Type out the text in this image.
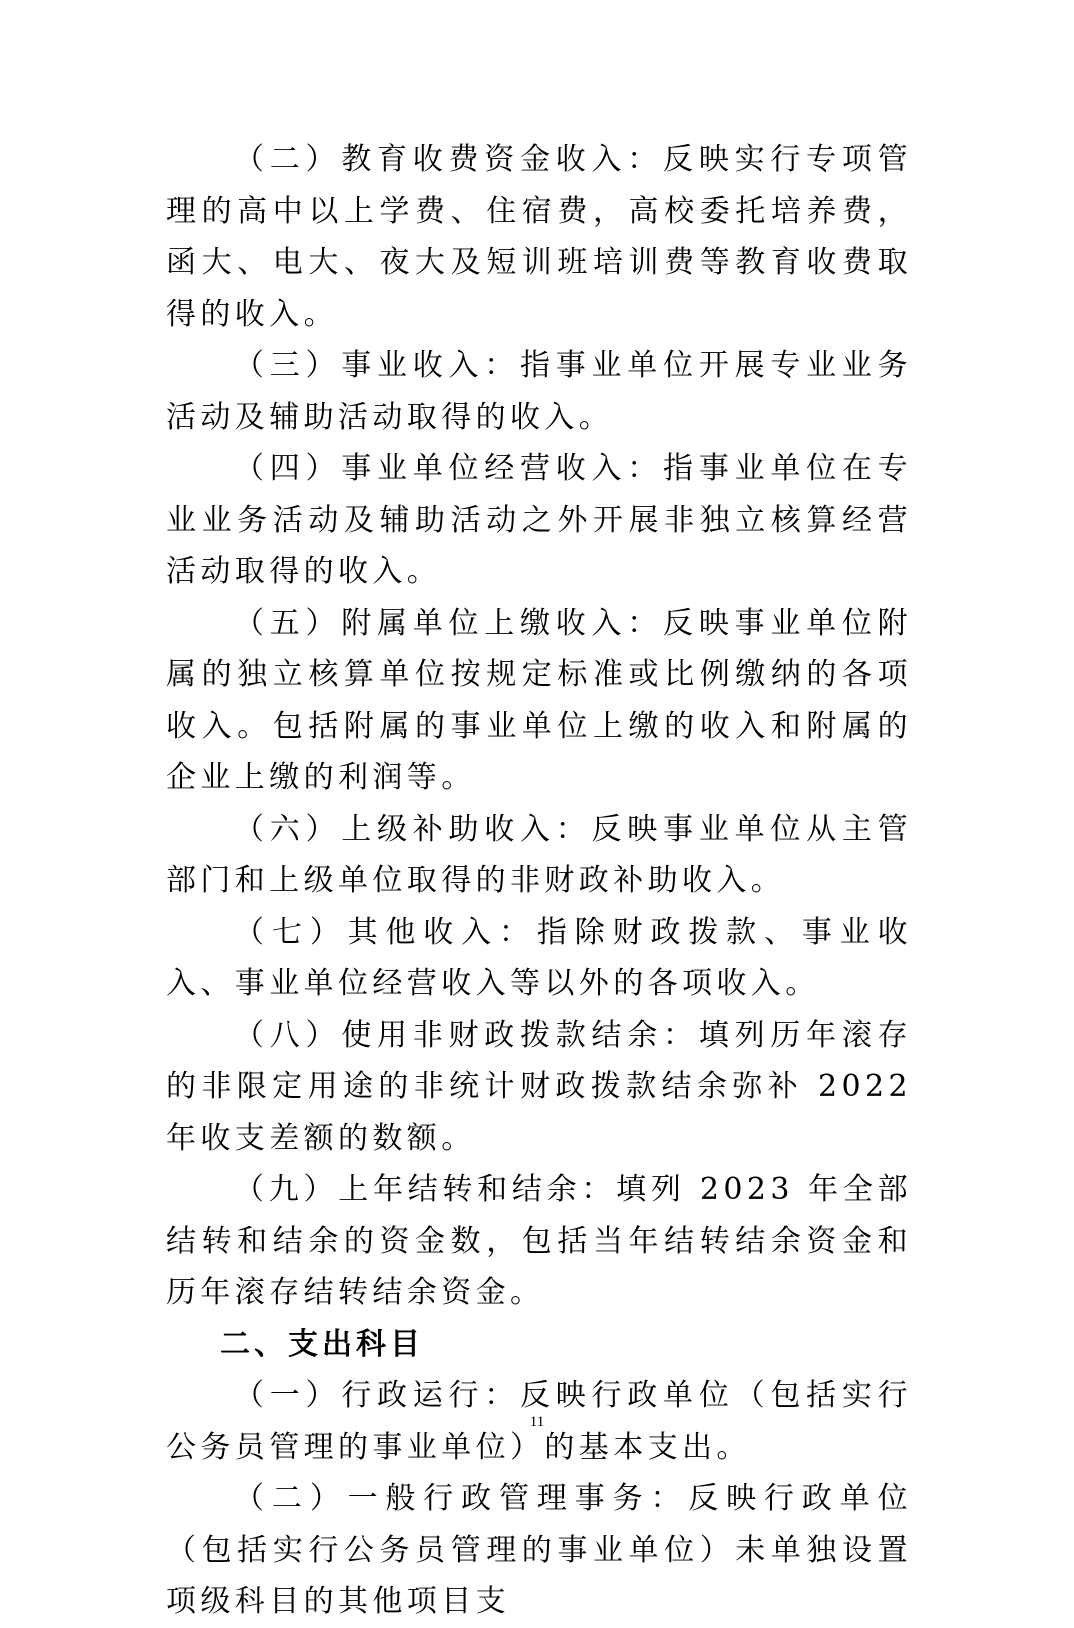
（二）教育收费资金收入：反映实行专项管理的高中以上学费、住宿费，高校委托培养费，函大、电大、夜大及短训班培训费等教育收费取得的收入。

（三）事业收入：指事业单位开展专业业务活动及辅助活动取得的收入。

（四）事业单位经营收入：指事业单位在专业业务活动及辅助活动之外开展非独立核算经营活动取得的收入。

（五）附属单位上缴收入：反映事业单位附属的独立核算单位按规定标准或比例缴纳的各项收入。包括附属的事业单位上缴的收入和附属的企业上缴的利润等。

（六）上级补助收入：反映事业单位从主管部门和上级单位取得的非财政补助收入。

（七）其他收入：指除财政拨款、事业收入、事业单位经营收入等以外的各项收入。

（八）使用非财政拨款结余：填列历年滚存的非限定用途的非统计财政拨款结余弥补 2022 年收支差额的数额。

（九）上年结转和结余：填列 2023 年全部结转和结余的资金数，包括当年结转结余资金和历年滚存结转结余资金。

二、支出科目

（一）行政运行：反映行政单位（包括实行公务员管理的事业单位）的基本支出。

（二）一般行政管理事务：反映行政单位（包括实行公务员管理的事业单位）未单独设置项级科目的其他项目支

11
